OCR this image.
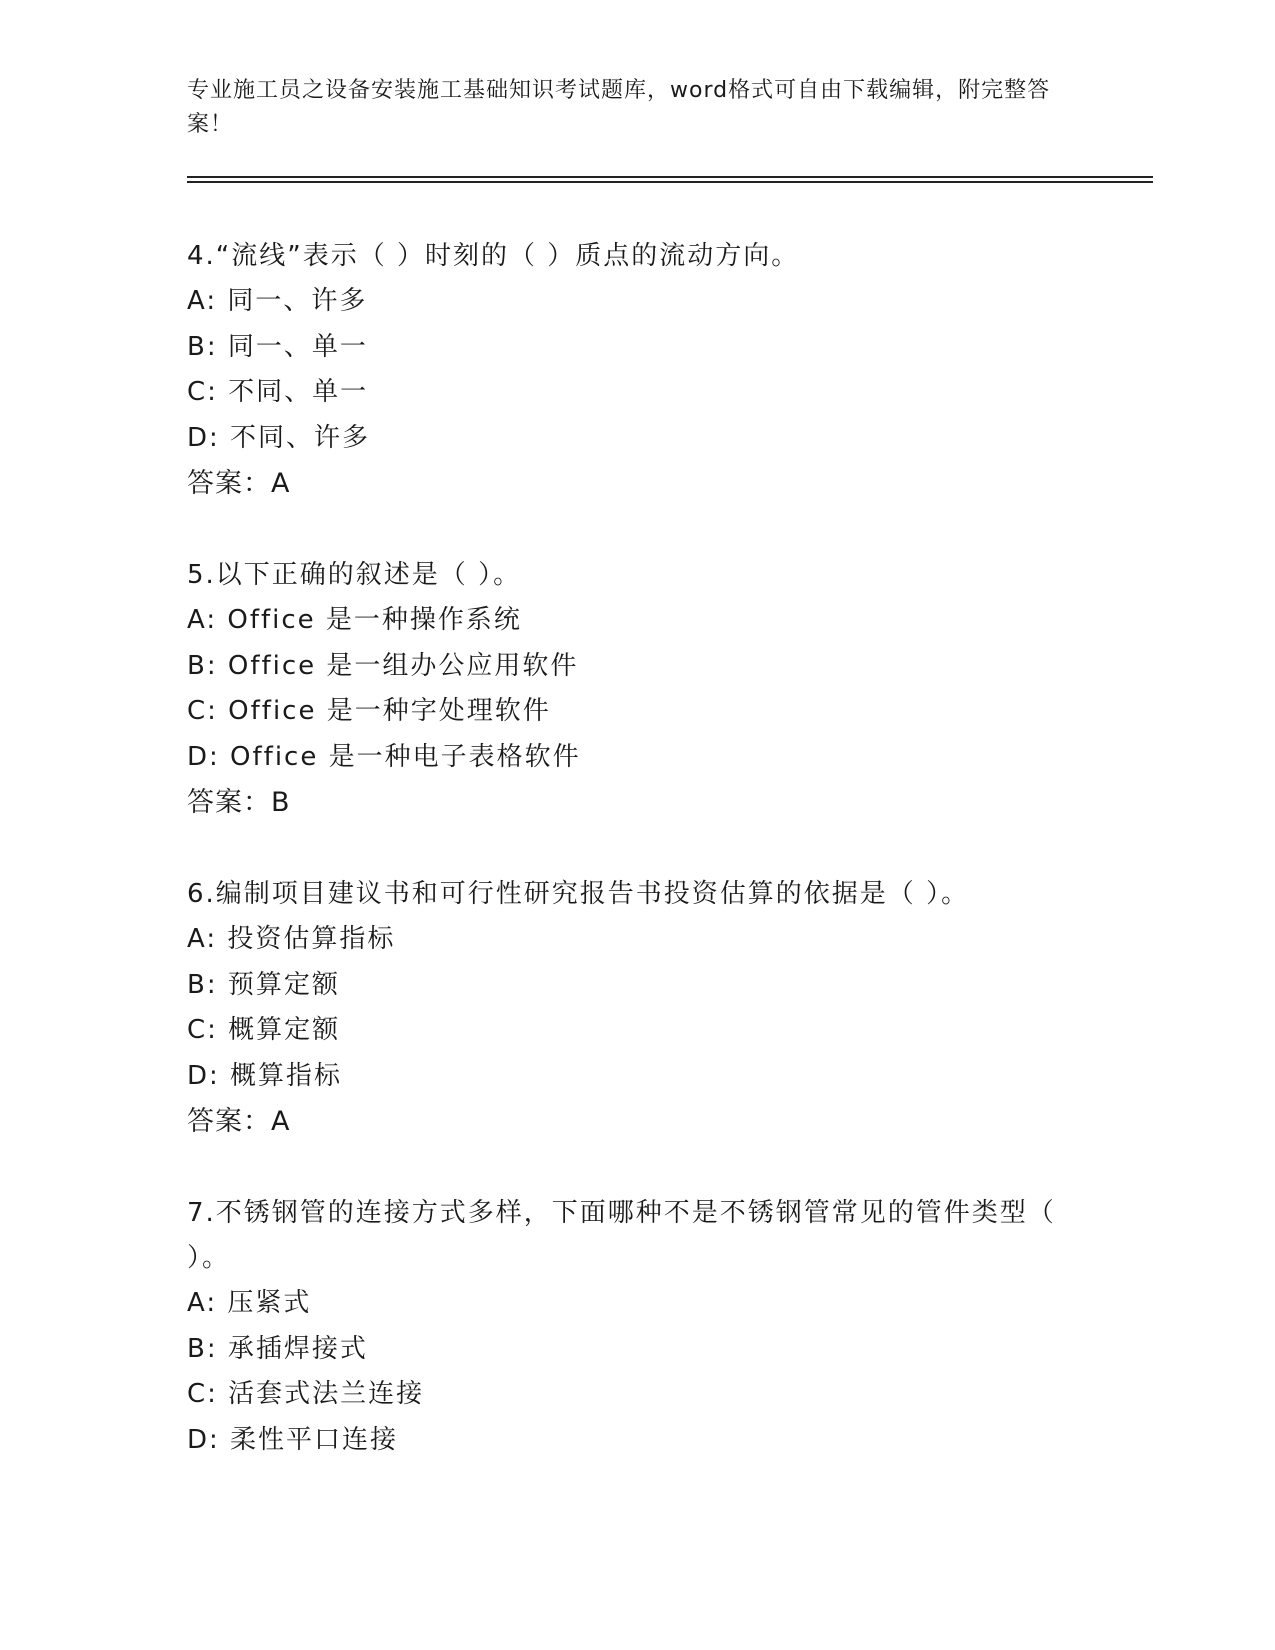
专业施工员之设备安装施工基础知识考试题库，word格式可自由下载编辑，附完整答案！
4.“流线”表示（ ）时刻的（ ）质点的流动方向。
A: 同一、许多
B: 同一、单一
C: 不同、单一
D: 不同、许多
答案：A
5.以下正确的叙述是（ ）。
A: Office 是一种操作系统
B: Office 是一组办公应用软件
C: Office 是一种字处理软件
D: Office 是一种电子表格软件
答案：B
6.编制项目建议书和可行性研究报告书投资估算的依据是（ ）。
A: 投资估算指标
B: 预算定额
C: 概算定额
D: 概算指标
答案：A
7.不锈钢管的连接方式多样，下面哪种不是不锈钢管常见的管件类型（ ）。
A: 压紧式
B: 承插焊接式
C: 活套式法兰连接
D: 柔性平口连接
